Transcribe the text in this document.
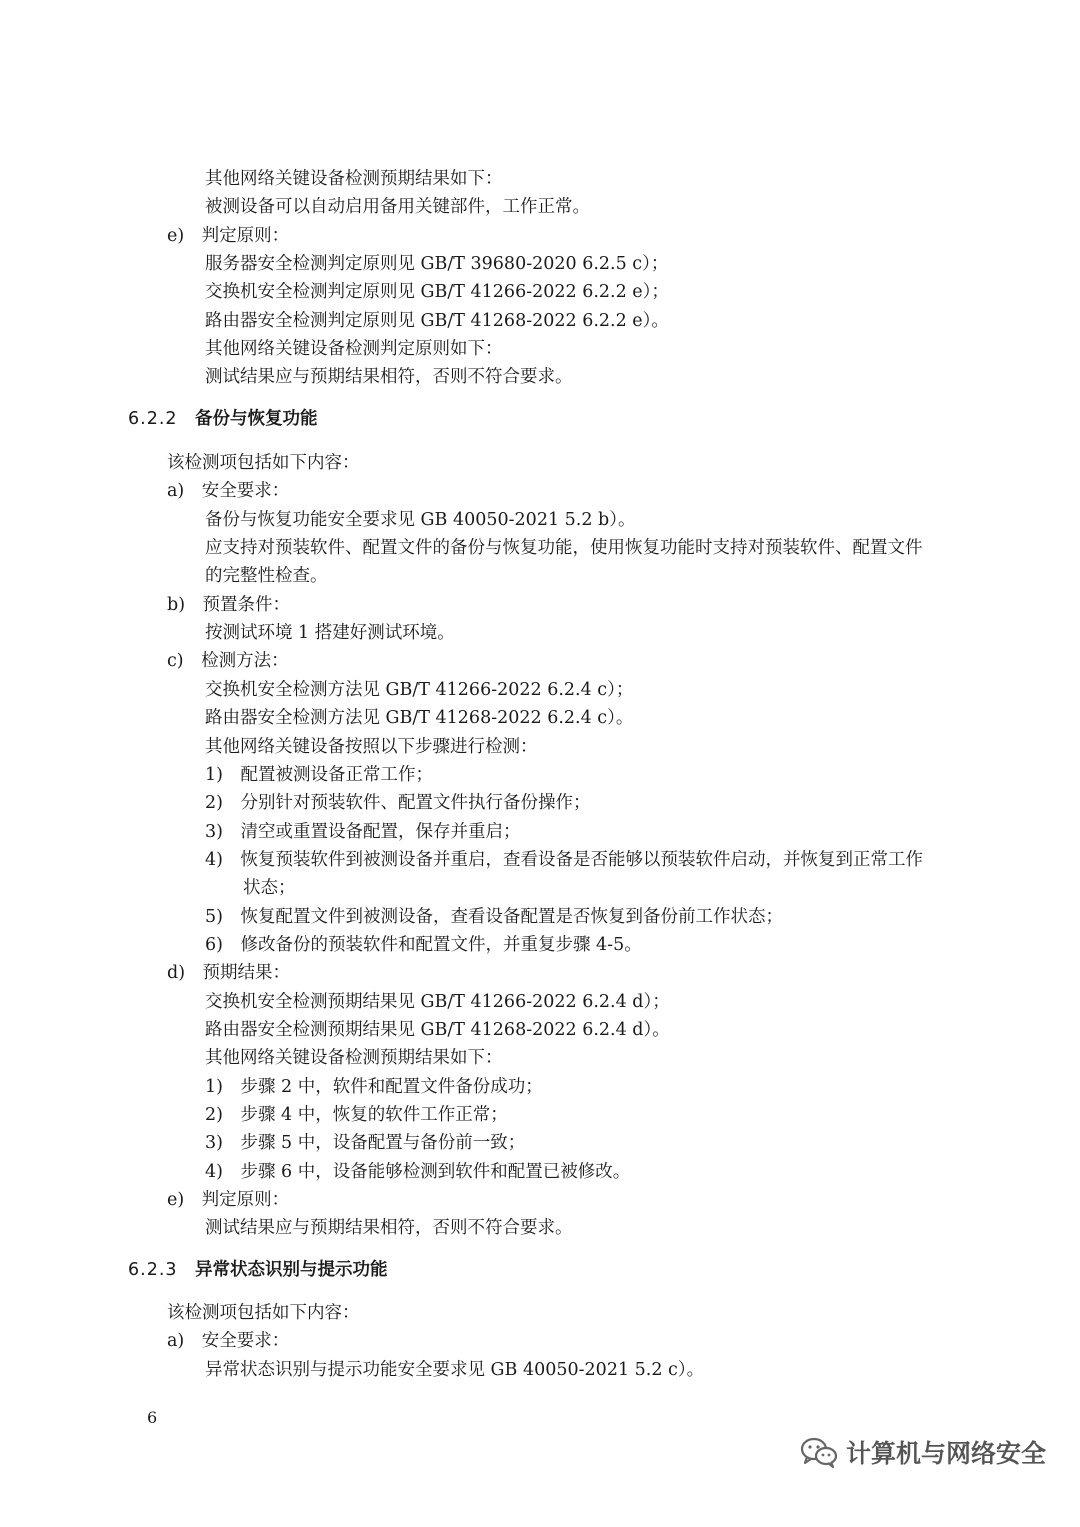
其他网络关键设备检测预期结果如下：
被测设备可以自动启用备用关键部件，工作正常。
e)　判定原则：
服务器安全检测判定原则见 GB/T 39680-2020 6.2.5 c）；
交换机安全检测判定原则见 GB/T 41266-2022 6.2.2 e）；
路由器安全检测判定原则见 GB/T 41268-2022 6.2.2 e）。
其他网络关键设备检测判定原则如下：
测试结果应与预期结果相符，否则不符合要求。
6.2.2  备份与恢复功能
该检测项包括如下内容：
a)　安全要求：
备份与恢复功能安全要求见 GB 40050-2021 5.2 b）。
应支持对预装软件、配置文件的备份与恢复功能，使用恢复功能时支持对预装软件、配置文件
的完整性检查。
b)　预置条件：
按测试环境 1 搭建好测试环境。
c)　检测方法：
交换机安全检测方法见 GB/T 41266-2022 6.2.4 c）；
路由器安全检测方法见 GB/T 41268-2022 6.2.4 c）。
其他网络关键设备按照以下步骤进行检测：
1)　配置被测设备正常工作；
2)　分别针对预装软件、配置文件执行备份操作；
3)　清空或重置设备配置，保存并重启；
4)　恢复预装软件到被测设备并重启，查看设备是否能够以预装软件启动，并恢复到正常工作
状态；
5)　恢复配置文件到被测设备，查看设备配置是否恢复到备份前工作状态；
6)　修改备份的预装软件和配置文件，并重复步骤 4-5。
d)　预期结果：
交换机安全检测预期结果见 GB/T 41266-2022 6.2.4 d）；
路由器安全检测预期结果见 GB/T 41268-2022 6.2.4 d）。
其他网络关键设备检测预期结果如下：
1)　步骤 2 中，软件和配置文件备份成功；
2)　步骤 4 中，恢复的软件工作正常；
3)　步骤 5 中，设备配置与备份前一致；
4)　步骤 6 中，设备能够检测到软件和配置已被修改。
e)　判定原则：
测试结果应与预期结果相符，否则不符合要求。
6.2.3  异常状态识别与提示功能
该检测项包括如下内容：
a)　安全要求：
异常状态识别与提示功能安全要求见 GB 40050-2021 5.2 c）。
6
计算机与网络安全
